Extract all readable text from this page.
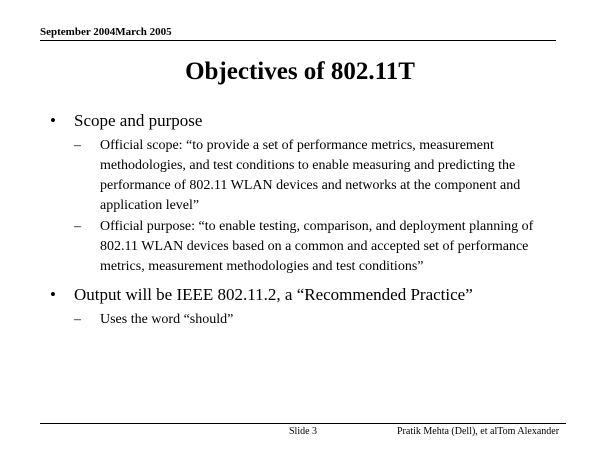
September 2004March 2005
Objectives of 802.11T
• Scope and purpose
– Official scope: “to provide a set of performance metrics, measurement methodologies, and test conditions to enable measuring and predicting the performance of 802.11 WLAN devices and networks at the component and application level”
– Official purpose: “to enable testing, comparison, and deployment planning of 802.11 WLAN devices based on a common and accepted set of performance metrics, measurement methodologies and test conditions”
• Output will be IEEE 802.11.2, a “Recommended Practice”
– Uses the word “should”
Slide 3	Pratik Mehta (Dell), et alTom Alexander
